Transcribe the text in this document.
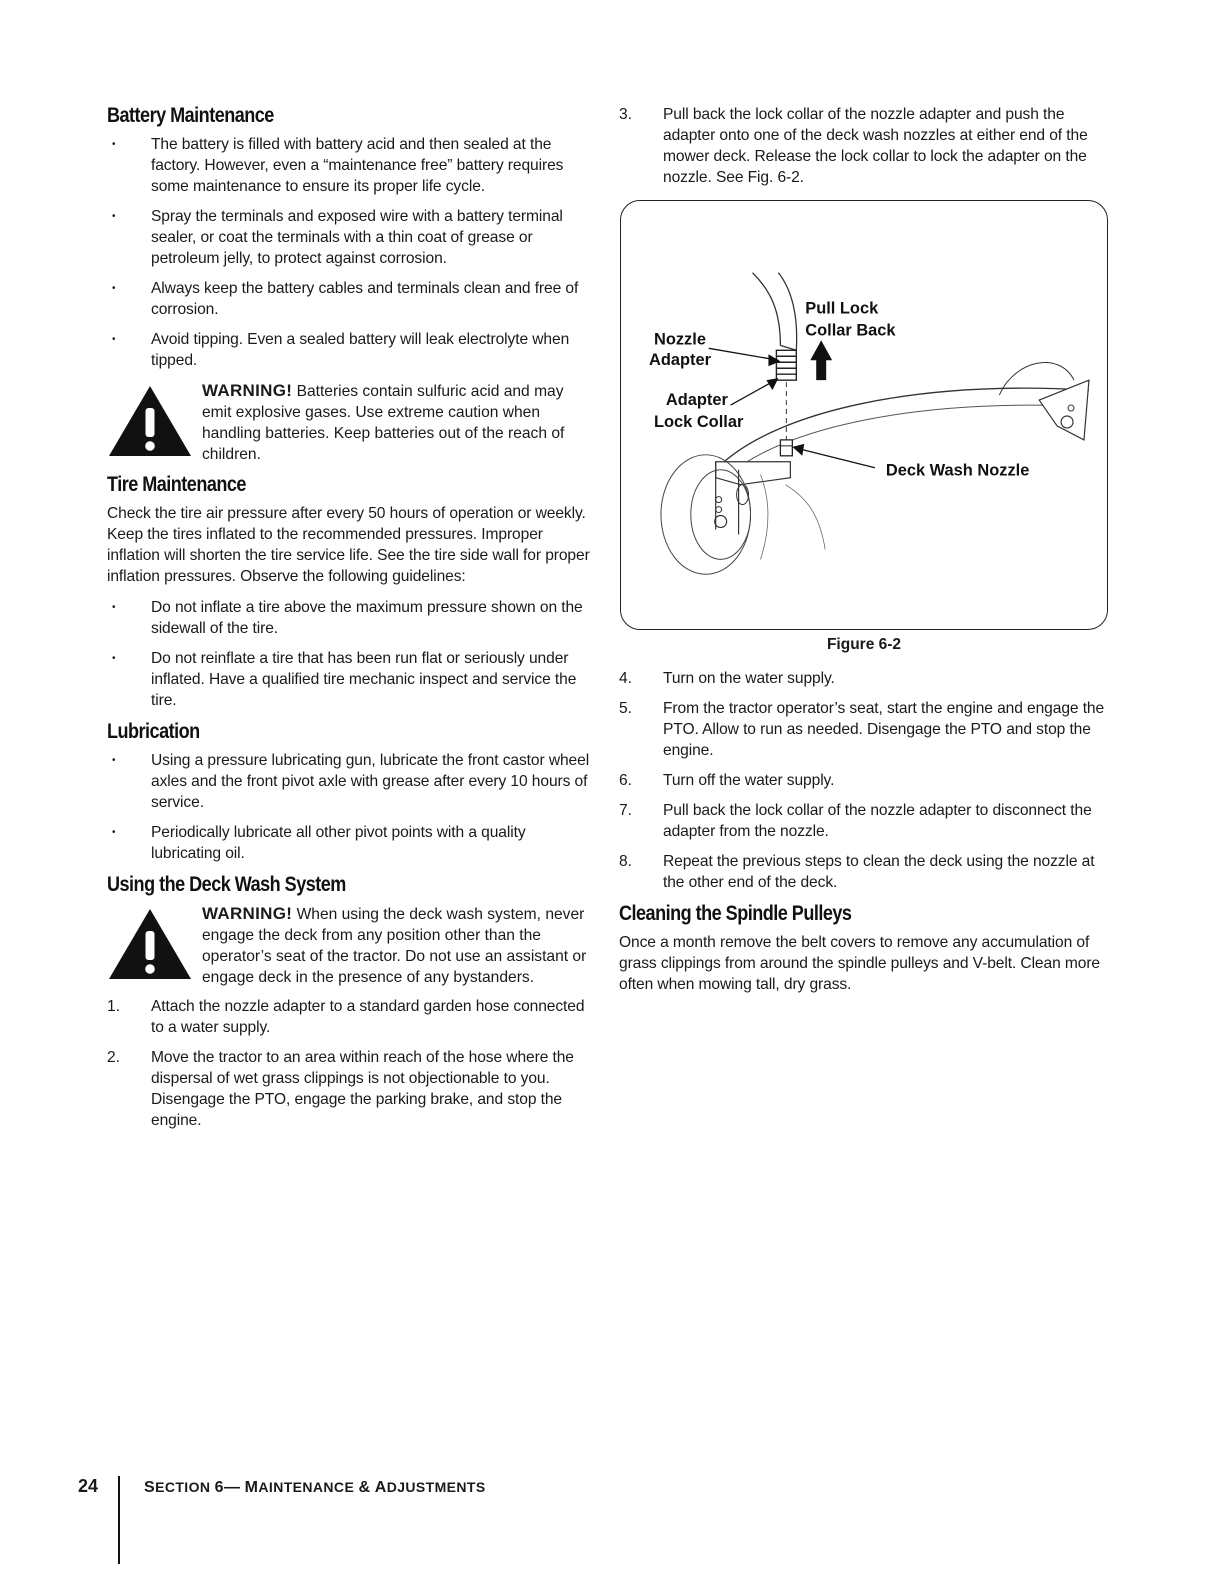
Battery Maintenance
• The battery is filled with battery acid and then sealed at the factory. However, even a “maintenance free” battery requires some maintenance to ensure its proper life cycle.
• Spray the terminals and exposed wire with a battery terminal sealer, or coat the terminals with a thin coat of grease or petroleum jelly, to protect against corrosion.
• Always keep the battery cables and terminals clean and free of corrosion.
• Avoid tipping. Even a sealed battery will leak electrolyte when tipped.
WARNING! Batteries contain sulfuric acid and may emit explosive gases. Use extreme caution when handling batteries. Keep batteries out of the reach of children.
Tire Maintenance

Check the tire air pressure after every 50 hours of operation or weekly. Keep the tires inflated to the recommended pressures. Improper inflation will shorten the tire service life. See the tire side wall for proper inflation pressures. Observe the following guidelines:

• Do not inflate a tire above the maximum pressure shown on the sidewall of the tire.
• Do not reinflate a tire that has been run flat or seriously under inflated. Have a qualified tire mechanic inspect and service the tire.
Lubrication
• Using a pressure lubricating gun, lubricate the front castor wheel axles and the front pivot axle with grease after every 10 hours of service.
• Periodically lubricate all other pivot points with a quality lubricating oil.
Using the Deck Wash System
WARNING! When using the deck wash system, never engage the deck from any position other than the operator’s seat of the tractor. Do not use an assistant or engage deck in the presence of any bystanders.
1. Attach the nozzle adapter to a standard garden hose connected to a water supply.
2. Move the tractor to an area within reach of the hose where the dispersal of wet grass clippings is not objectionable to you. Disengage the PTO, engage the parking brake, and stop the engine.
3. Pull back the lock collar of the nozzle adapter and push the adapter onto one of the deck wash nozzles at either end of the mower deck. Release the lock collar to lock the adapter on the nozzle. See Fig. 6-2.
Pull Lock
Collar Back
Nozzle
Adapter
Adapter
Lock Collar
Deck Wash Nozzle
Figure 6-2
4. Turn on the water supply.
5. From the tractor operator’s seat, start the engine and engage the PTO. Allow to run as needed. Disengage the PTO and stop the engine.
6. Turn off the water supply.
7. Pull back the lock collar of the nozzle adapter to disconnect the adapter from the nozzle.
8. Repeat the previous steps to clean the deck using the nozzle at the other end of the deck.
Cleaning the Spindle Pulleys

Once a month remove the belt covers to remove any accumulation of grass clippings from around the spindle pulleys and V-belt. Clean more often when mowing tall, dry grass.

24	SECTION 6— MAINTENANCE & ADJUSTMENTS
